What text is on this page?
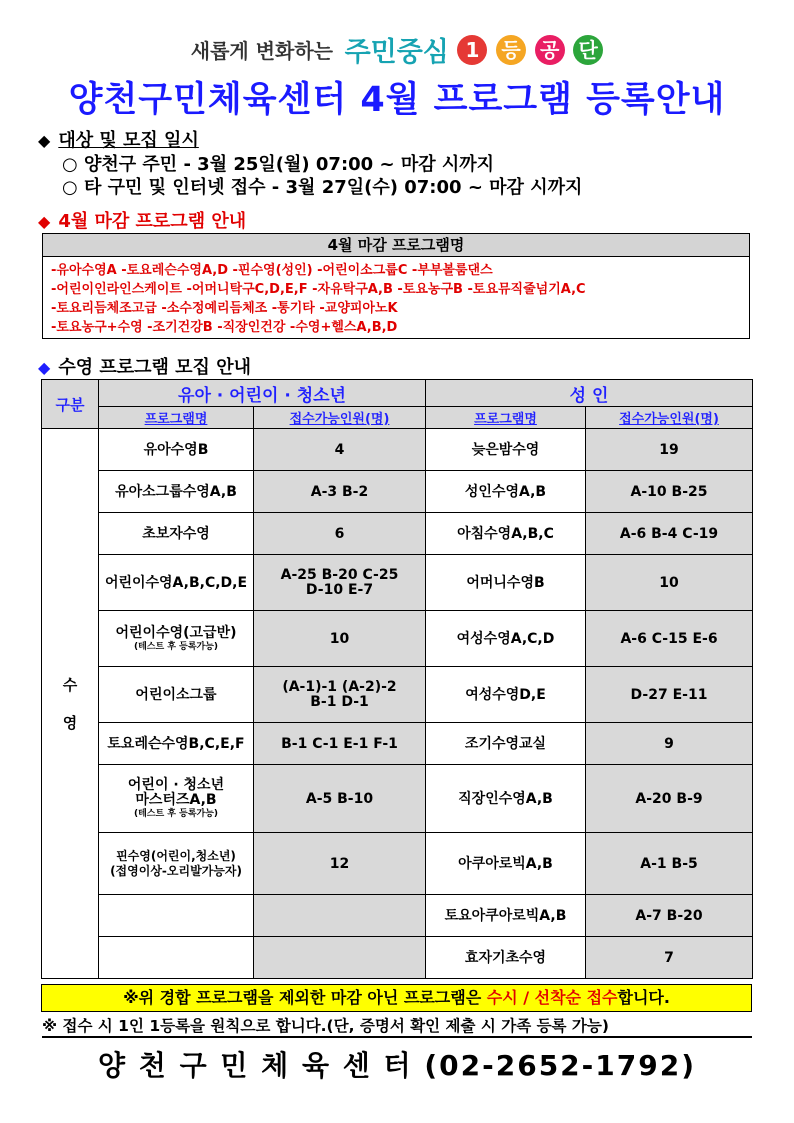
새롭게 변화하는 주민중심 1 등 공 단
양천구민체육센터 4월 프로그램 등록안내
◆ 대상 및 모집 일시
○ 양천구 주민 - 3월 25일(월) 07:00 ~ 마감 시까지
○ 타 구민 및 인터넷 접수 - 3월 27일(수) 07:00 ~ 마감 시까지
◆ 4월 마감 프로그램 안내
4월 마감 프로그램명
-유아수영A -토요레슨수영A,D -핀수영(성인) -어린이소그룹C -부부볼룸댄스
-어린이인라인스케이트 -어머니탁구C,D,E,F -자유탁구A,B -토요농구B -토요뮤직줄넘기A,C
-토요리듬체조고급 -소수정예리듬체조 -통기타 -교양피아노K
-토요농구+수영 -조기건강B -직장인건강 -수영+헬스A,B,D
◆ 수영 프로그램 모집 안내
구분	유아 · 어린이 · 청소년		성 인	
	프로그램명	접수가능인원(명)	프로그램명	접수가능인원(명)
수
영	유아수영B	4	늦은밤수영	19
	유아소그룹수영A,B	A-3 B-2	성인수영A,B	A-10 B-25
	초보자수영	6	아침수영A,B,C	A-6 B-4 C-19
	어린이수영A,B,C,D,E	A-25 B-20 C-25
D-10 E-7	어머니수영B	10
	어린이수영(고급반)
(테스트 후 등록가능)	10	여성수영A,C,D	A-6 C-15 E-6
	어린이소그룹	(A-1)-1 (A-2)-2
B-1 D-1	여성수영D,E	D-27 E-11
	토요레슨수영B,C,E,F	B-1 C-1 E-1 F-1	조기수영교실	9
	어린이 · 청소년
마스터즈A,B
(테스트 후 등록가능)	A-5 B-10	직장인수영A,B	A-20 B-9
	핀수영(어린이,청소년)
(접영이상-오리발가능자)	12	아쿠아로빅A,B	A-1 B-5
			토요아쿠아로빅A,B	A-7 B-20
			효자기초수영	7
※위 경합 프로그램을 제외한 마감 아닌 프로그램은 수시 / 선착순 접수합니다.
※ 접수 시 1인 1등록을 원칙으로 합니다.(단, 증명서 확인 제출 시 가족 등록 가능)
양 천 구 민 체 육 센 터 (02-2652-1792)
